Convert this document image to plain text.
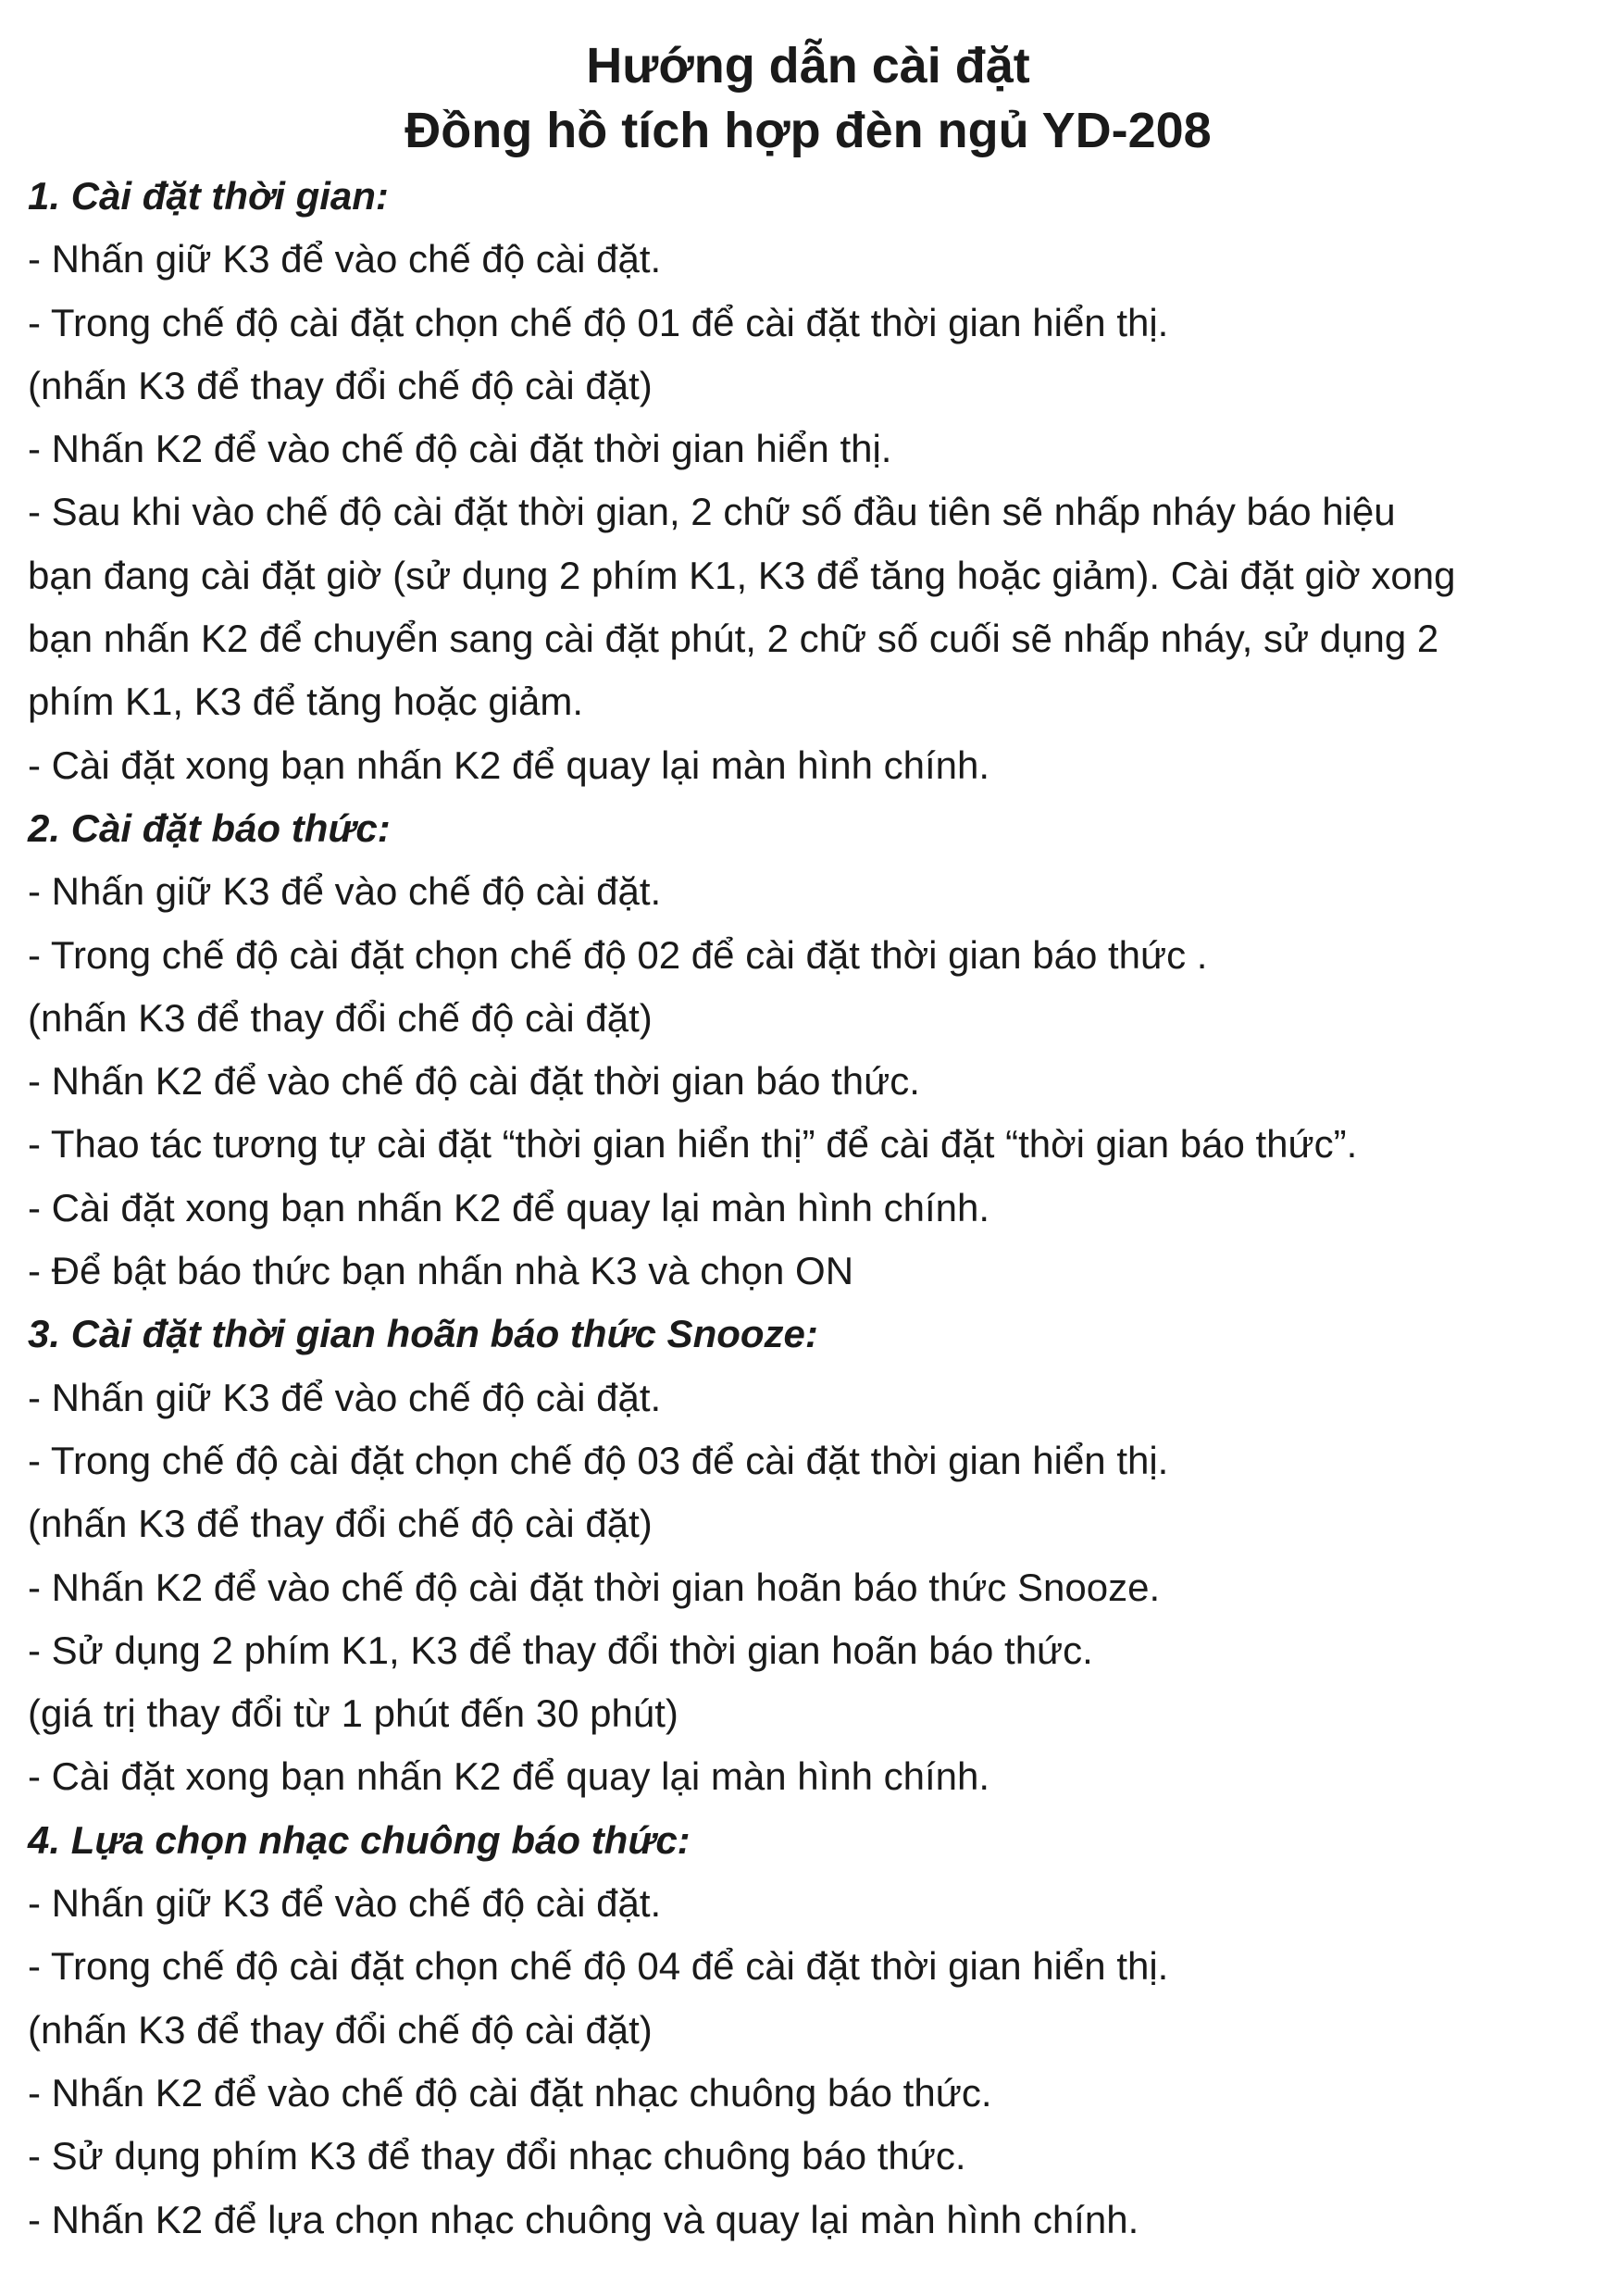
Hướng dẫn cài đặt
Đồng hồ tích hợp đèn ngủ YD-208

1. Cài đặt thời gian:

- Nhấn giữ K3 để vào chế độ cài đặt.

- Trong chế độ cài đặt chọn chế độ 01 để cài đặt thời gian hiển thị.

(nhấn K3 để thay đổi chế độ cài đặt)

- Nhấn K2 để vào chế độ cài đặt thời gian hiển thị.

- Sau khi vào chế độ cài đặt thời gian, 2 chữ số đầu tiên sẽ nhấp nháy báo hiệu

bạn đang cài đặt giờ (sử dụng 2 phím K1, K3 để tăng hoặc giảm). Cài đặt giờ xong

bạn nhấn K2 để chuyển sang cài đặt phút, 2 chữ số cuối sẽ nhấp nháy, sử dụng 2

phím K1, K3 để tăng hoặc giảm.

- Cài đặt xong bạn nhấn K2 để quay lại màn hình chính.

2. Cài đặt báo thức:

- Nhấn giữ K3 để vào chế độ cài đặt.

- Trong chế độ cài đặt chọn chế độ 02 để cài đặt thời gian báo thức .

(nhấn K3 để thay đổi chế độ cài đặt)

- Nhấn K2 để vào chế độ cài đặt thời gian báo thức.

- Thao tác tương tự cài đặt “thời gian hiển thị” để cài đặt “thời gian báo thức”.

- Cài đặt xong bạn nhấn K2 để quay lại màn hình chính.

- Để bật báo thức bạn nhấn nhà K3 và chọn ON

3. Cài đặt thời gian hoãn báo thức Snooze:

- Nhấn giữ K3 để vào chế độ cài đặt.

- Trong chế độ cài đặt chọn chế độ 03 để cài đặt thời gian hiển thị.

(nhấn K3 để thay đổi chế độ cài đặt)

- Nhấn K2 để vào chế độ cài đặt thời gian hoãn báo thức Snooze.

- Sử dụng 2 phím K1, K3 để thay đổi thời gian hoãn báo thức.

(giá trị thay đổi từ 1 phút đến 30 phút)

- Cài đặt xong bạn nhấn K2 để quay lại màn hình chính.

4. Lựa chọn nhạc chuông báo thức:

- Nhấn giữ K3 để vào chế độ cài đặt.

- Trong chế độ cài đặt chọn chế độ 04 để cài đặt thời gian hiển thị.

(nhấn K3 để thay đổi chế độ cài đặt)

- Nhấn K2 để vào chế độ cài đặt nhạc chuông báo thức.

- Sử dụng phím K3 để thay đổi nhạc chuông báo thức.

- Nhấn K2 để lựa chọn nhạc chuông và quay lại màn hình chính.
